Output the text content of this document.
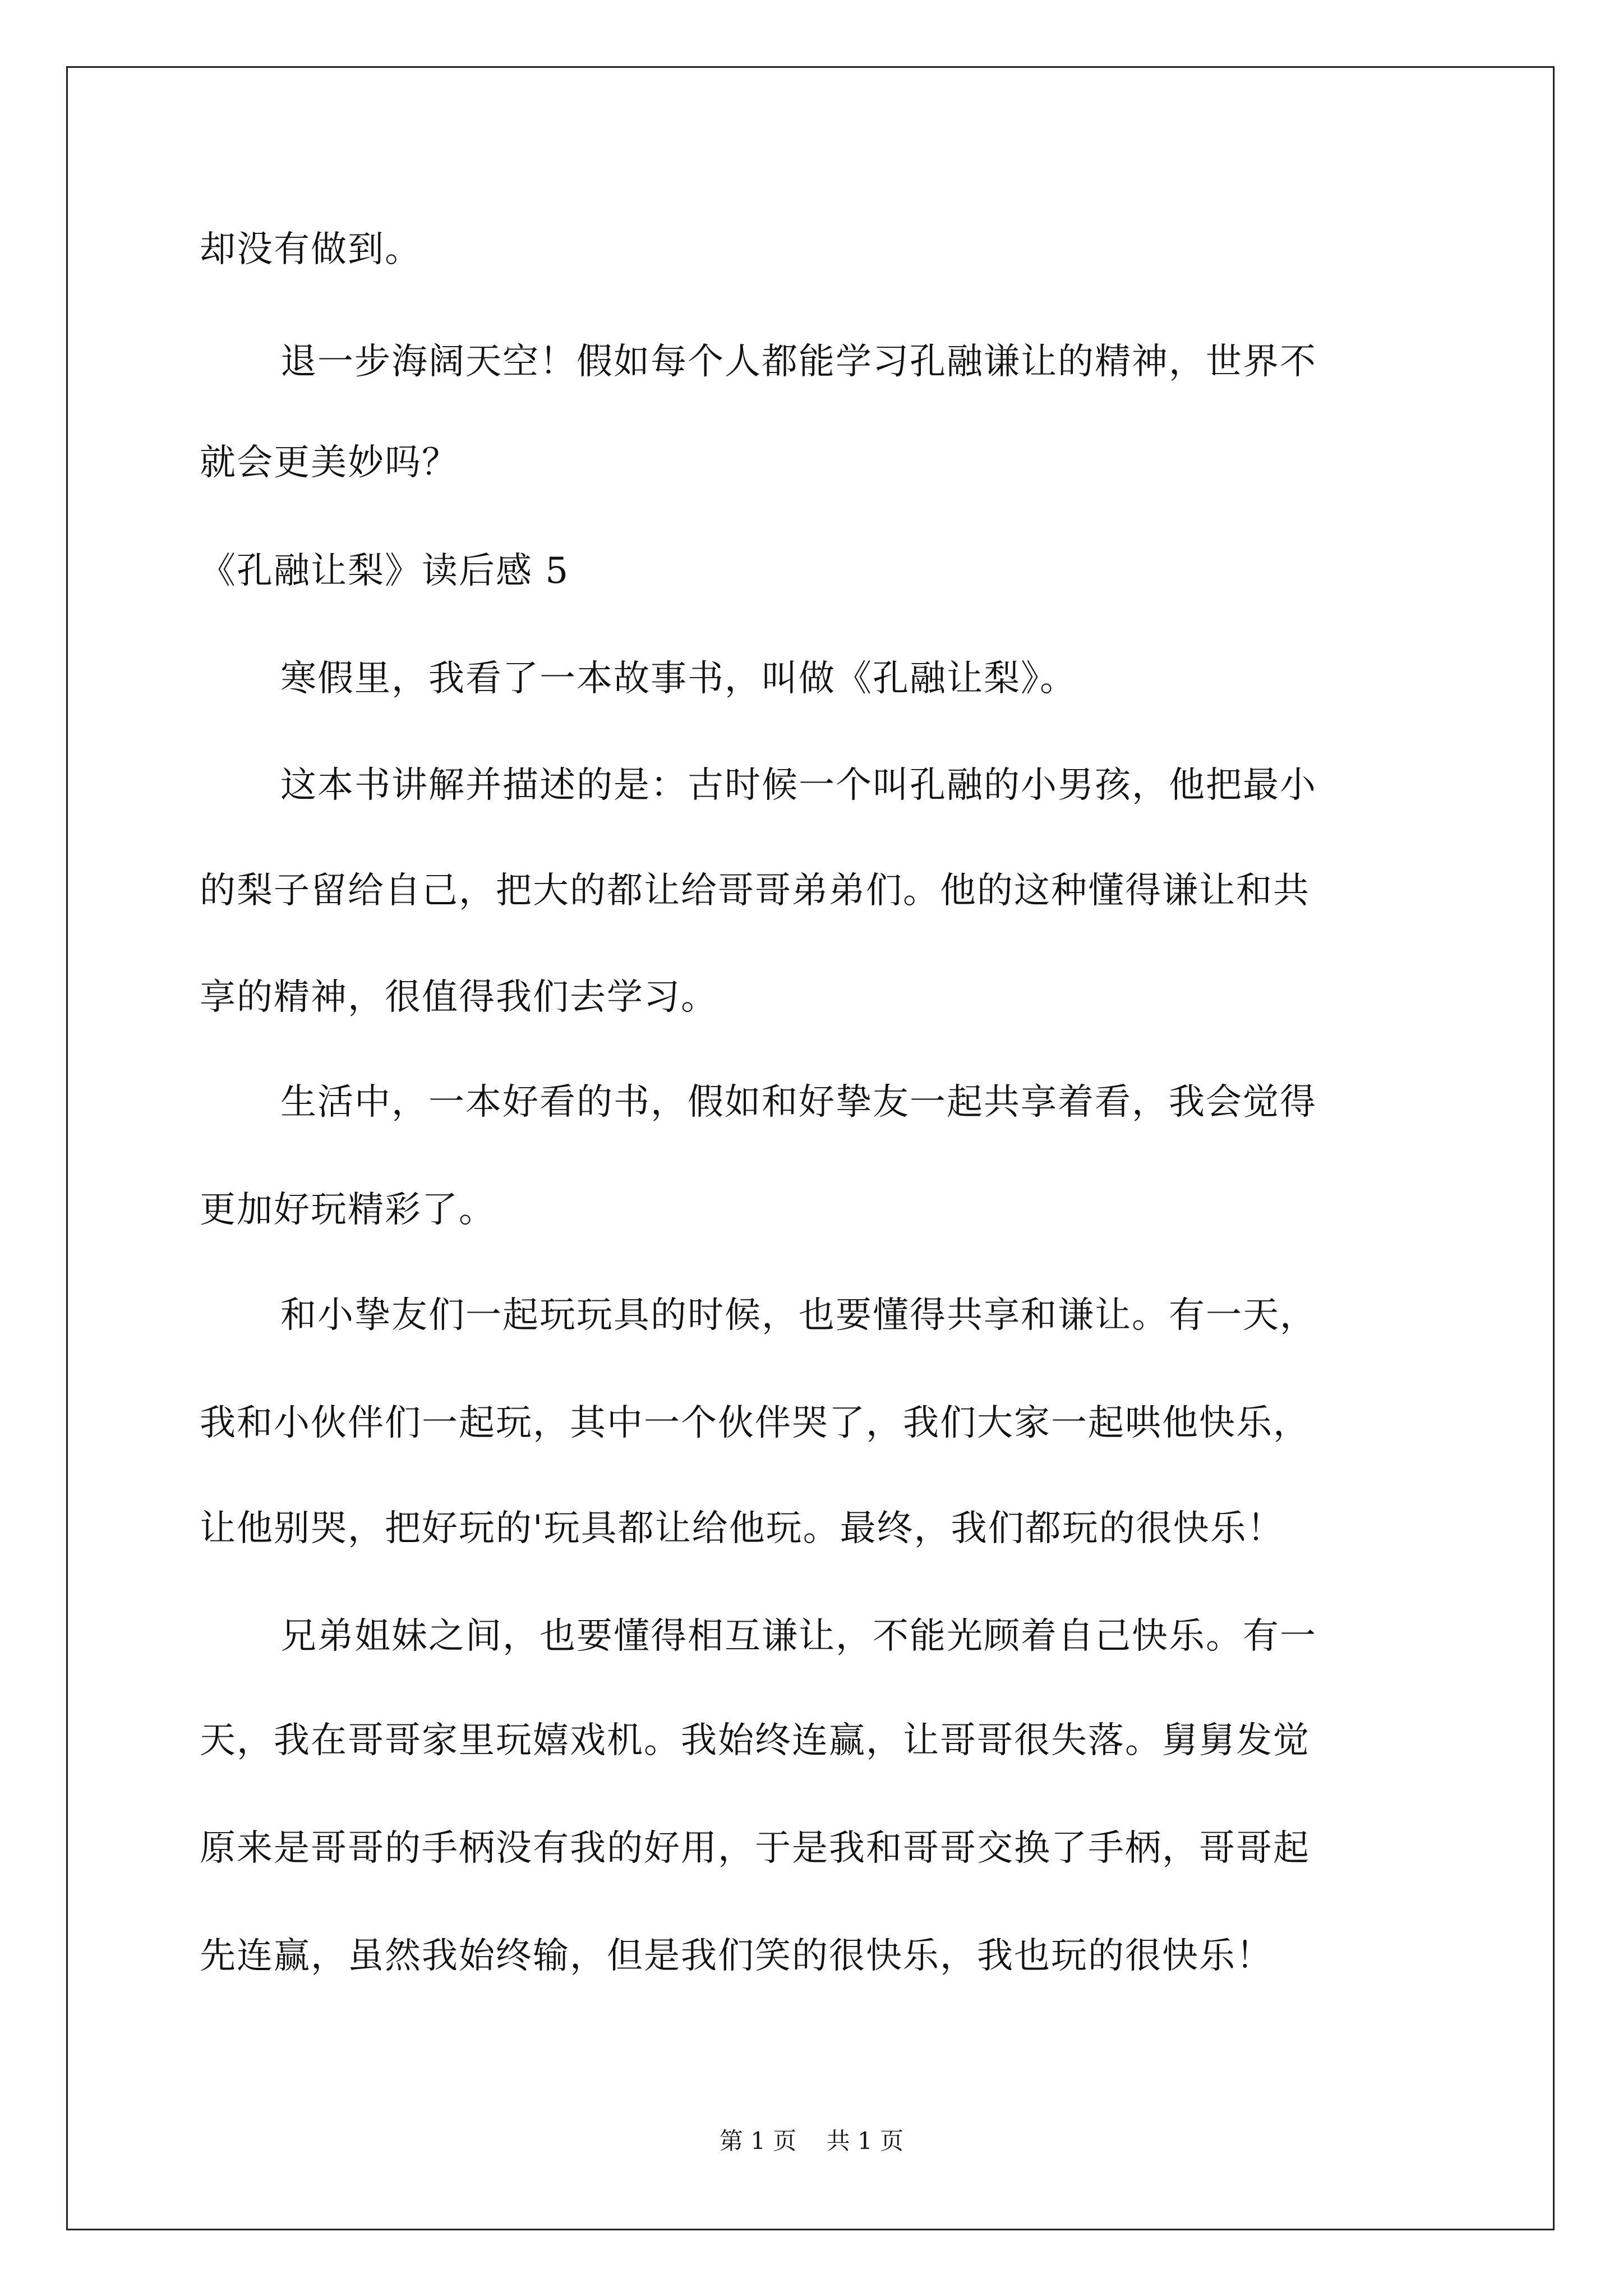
却没有做到。
退一步海阔天空！假如每个人都能学习孔融谦让的精神，世界不
就会更美妙吗？
《孔融让梨》读后感 5
寒假里，我看了一本故事书，叫做《孔融让梨》。
这本书讲解并描述的是：古时候一个叫孔融的小男孩，他把最小
的梨子留给自己，把大的都让给哥哥弟弟们。他的这种懂得谦让和共
享的精神，很值得我们去学习。
生活中，一本好看的书，假如和好挚友一起共享着看，我会觉得
更加好玩精彩了。
和小挚友们一起玩玩具的时候，也要懂得共享和谦让。有一天，
我和小伙伴们一起玩，其中一个伙伴哭了，我们大家一起哄他快乐，
让他别哭，把好玩的'玩具都让给他玩。最终，我们都玩的很快乐！
兄弟姐妹之间，也要懂得相互谦让，不能光顾着自己快乐。有一
天，我在哥哥家里玩嬉戏机。我始终连赢，让哥哥很失落。舅舅发觉
原来是哥哥的手柄没有我的好用，于是我和哥哥交换了手柄，哥哥起
先连赢，虽然我始终输，但是我们笑的很快乐，我也玩的很快乐！
第 1 页    共 1 页
